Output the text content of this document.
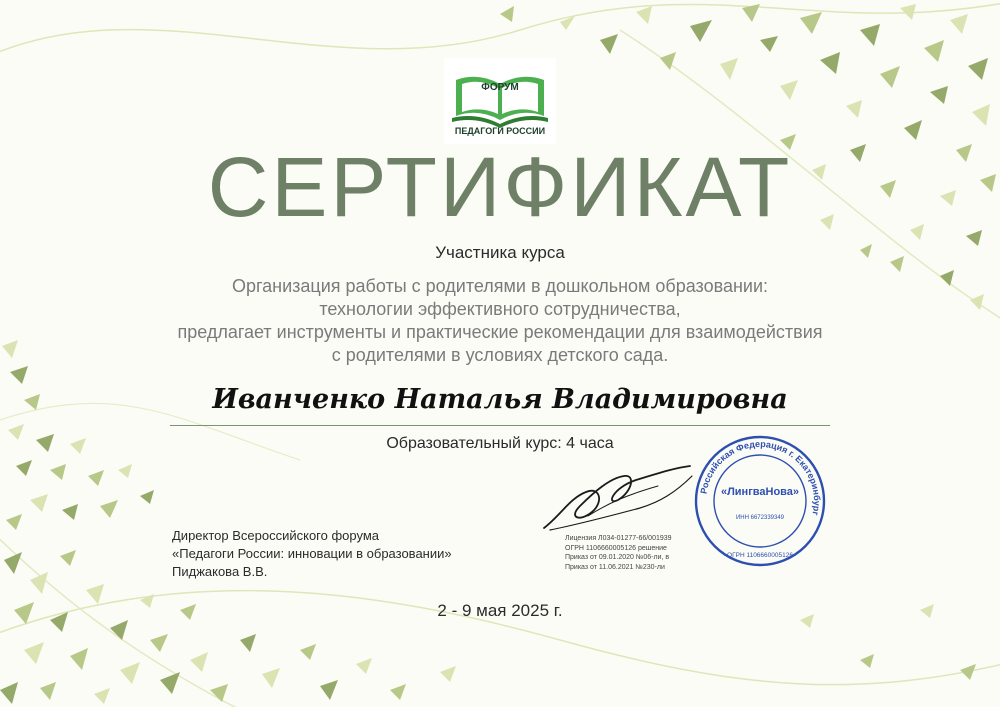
ФОРУМ
ПЕДАГОГИ РОССИИ
СЕРТИФИКАТ
Участника курса
Организация работы с родителями в дошкольном образовании:
технологии эффективного сотрудничества,
предлагает инструменты и практические рекомендации для взаимодействия
с родителями в условиях детского сада.
Иванченко Наталья Владимировна
Образовательный курс: 4 часа
Директор Всероссийского форума
«Педагоги России: инновации в образовании»
Пиджакова В.В.
Лицензия Л034-01277-66/001939
ОГРН 1106660005126 решение
Приказ от 09.01.2020 №06-ли, в
Приказ от 11.06.2021 №230-ли
Российская Федерация г. Екатеринбург
«ЛингваНова»
ИНН 6672339349
ОГРН 1106660005126
2 - 9 мая 2025 г.
